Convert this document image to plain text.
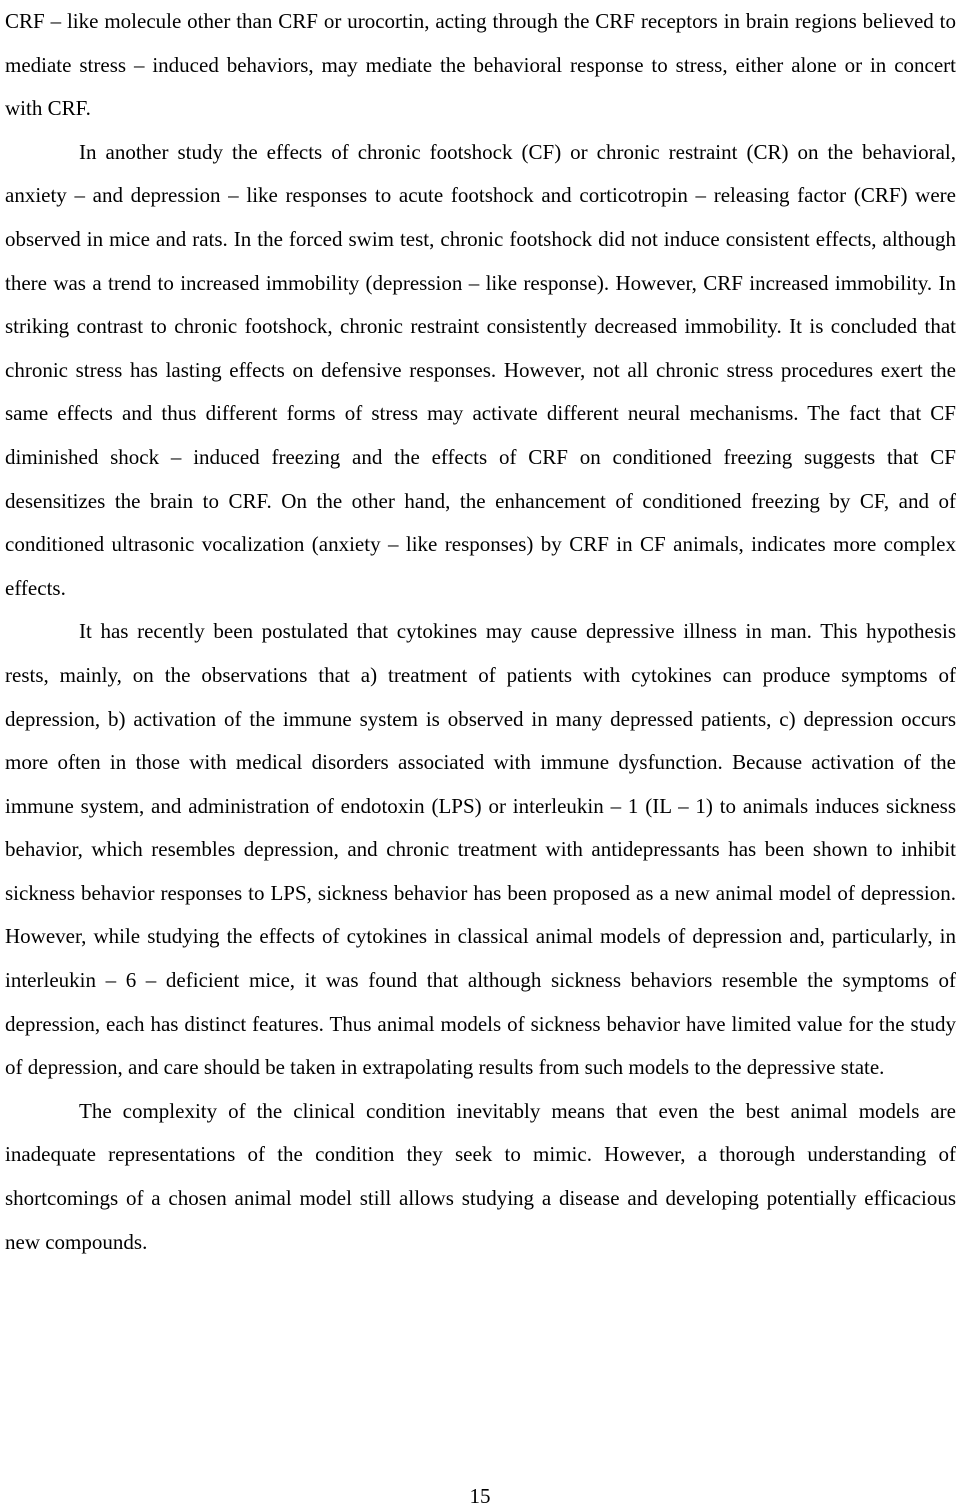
CRF – like molecule other than CRF or urocortin, acting through the CRF receptors in brain regions believed to mediate stress – induced behaviors, may mediate the behavioral response to stress, either alone or in concert with CRF.

In another study the effects of chronic footshock (CF) or chronic restraint (CR) on the behavioral, anxiety – and depression – like responses to acute footshock and corticotropin – releasing factor (CRF) were observed in mice and rats. In the forced swim test, chronic footshock did not induce consistent effects, although there was a trend to increased immobility (depression – like response). However, CRF increased immobility. In striking contrast to chronic footshock, chronic restraint consistently decreased immobility. It is concluded that chronic stress has lasting effects on defensive responses. However, not all chronic stress procedures exert the same effects and thus different forms of stress may activate different neural mechanisms. The fact that CF diminished shock – induced freezing and the effects of CRF on conditioned freezing suggests that CF desensitizes the brain to CRF. On the other hand, the enhancement of conditioned freezing by CF, and of conditioned ultrasonic vocalization (anxiety – like responses) by CRF in CF animals, indicates more complex effects.

It has recently been postulated that cytokines may cause depressive illness in man. This hypothesis rests, mainly, on the observations that a) treatment of patients with cytokines can produce symptoms of depression, b) activation of the immune system is observed in many depressed patients, c) depression occurs more often in those with medical disorders associated with immune dysfunction. Because activation of the immune system, and administration of endotoxin (LPS) or interleukin – 1 (IL – 1) to animals induces sickness behavior, which resembles depression, and chronic treatment with antidepressants has been shown to inhibit sickness behavior responses to LPS, sickness behavior has been proposed as a new animal model of depression. However, while studying the effects of cytokines in classical animal models of depression and, particularly, in interleukin – 6 – deficient mice, it was found that although sickness behaviors resemble the symptoms of depression, each has distinct features. Thus animal models of sickness behavior have limited value for the study of depression, and care should be taken in extrapolating results from such models to the depressive state.

The complexity of the clinical condition inevitably means that even the best animal models are inadequate representations of the condition they seek to mimic. However, a thorough understanding of shortcomings of a chosen animal model still allows studying a disease and developing potentially efficacious new compounds.

15
